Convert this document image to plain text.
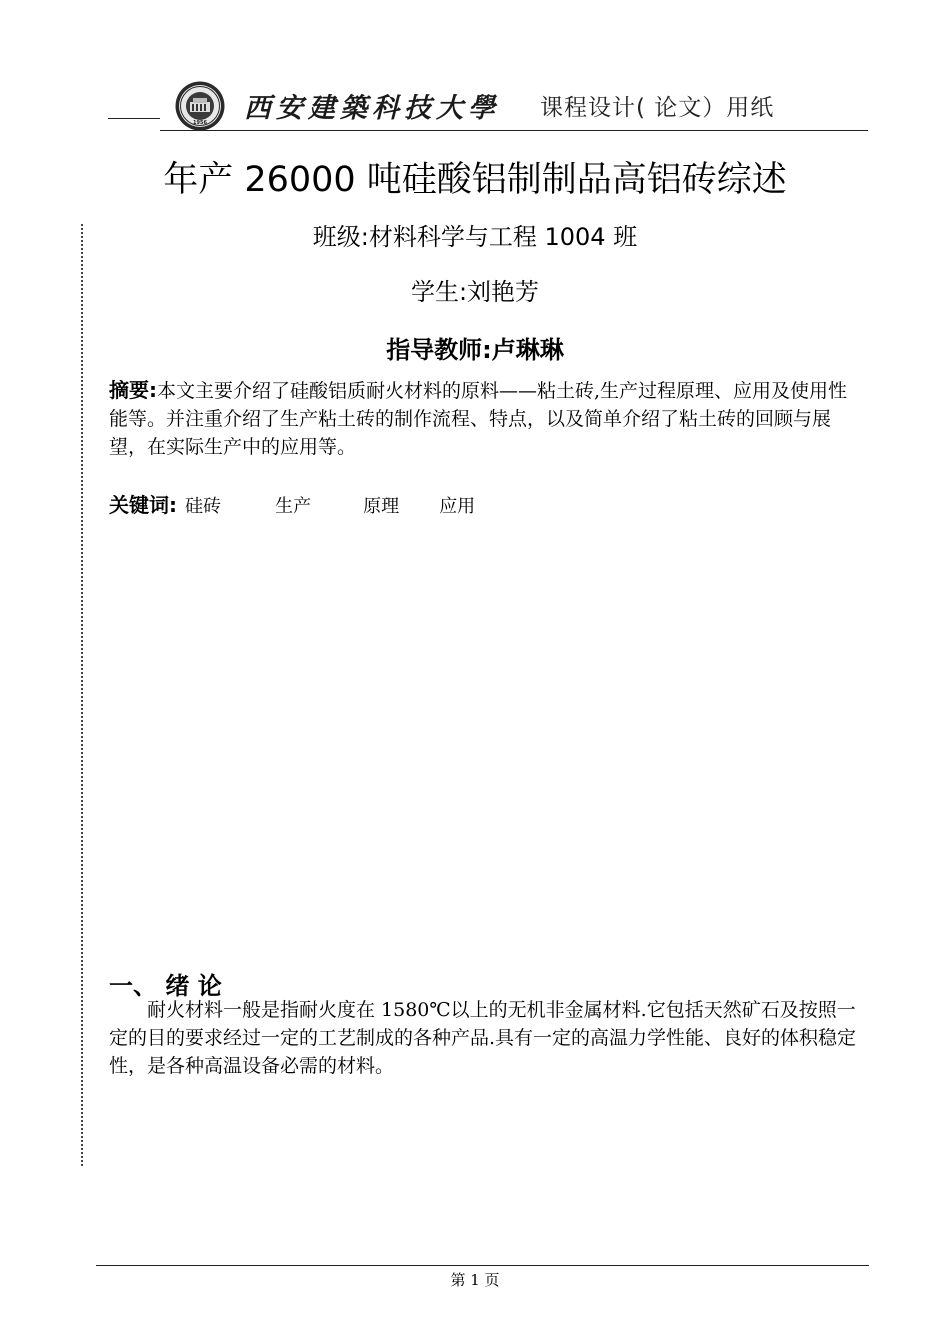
1956 西安建築科技大學 课程设计( 论文）用纸
年产 26000 吨硅酸铝制制品高铝砖综述
班级:材料科学与工程 1004 班
学生:刘艳芳
指导教师:卢琳琳
摘要:本文主要介绍了硅酸铝质耐火材料的原料——粘土砖,生产过程原理、应用及使用性能等。并注重介绍了生产粘土砖的制作流程、特点，以及简单介绍了粘土砖的回顾与展望，在实际生产中的应用等。
关键词: 硅砖	生产	原理 应用
一、 绪 论
耐火材料一般是指耐火度在 1580℃以上的无机非金属材料.它包括天然矿石及按照一定的目的要求经过一定的工艺制成的各种产品.具有一定的高温力学性能、良好的体积稳定性，是各种高温设备必需的材料。
第 1 页
